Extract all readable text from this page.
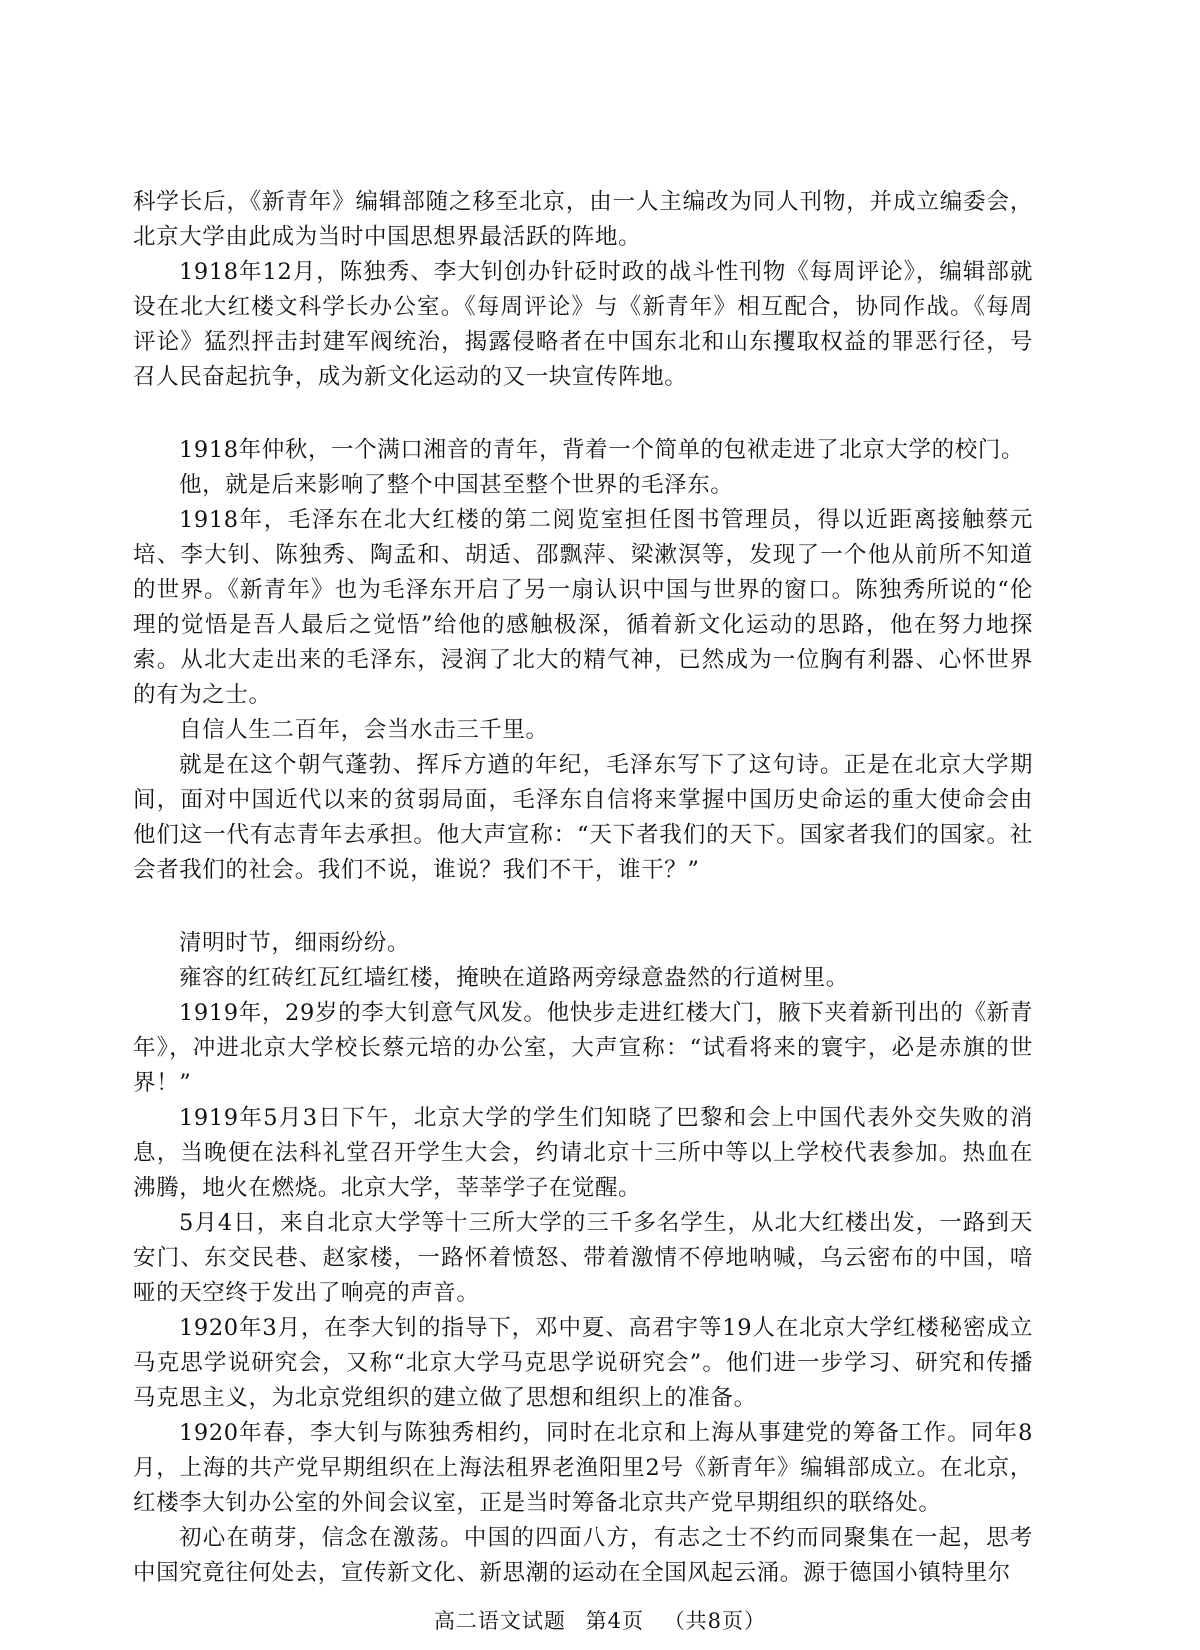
科学长后，《新青年》编辑部随之移至北京，由一人主编改为同人刊物，并成立编委会，北京大学由此成为当时中国思想界最活跃的阵地。

1918年12月，陈独秀、李大钊创办针砭时政的战斗性刊物《每周评论》，编辑部就设在北大红楼文科学长办公室。《每周评论》与《新青年》相互配合，协同作战。《每周评论》猛烈抨击封建军阀统治，揭露侵略者在中国东北和山东攫取权益的罪恶行径，号召人民奋起抗争，成为新文化运动的又一块宣传阵地。

1918年仲秋，一个满口湘音的青年，背着一个简单的包袱走进了北京大学的校门。

他，就是后来影响了整个中国甚至整个世界的毛泽东。

1918年，毛泽东在北大红楼的第二阅览室担任图书管理员，得以近距离接触蔡元培、李大钊、陈独秀、陶孟和、胡适、邵飘萍、梁漱溟等，发现了一个他从前所不知道的世界。《新青年》也为毛泽东开启了另一扇认识中国与世界的窗口。陈独秀所说的“伦理的觉悟是吾人最后之觉悟”给他的感触极深，循着新文化运动的思路，他在努力地探索。从北大走出来的毛泽东，浸润了北大的精气神，已然成为一位胸有利器、心怀世界的有为之士。

自信人生二百年，会当水击三千里。

就是在这个朝气蓬勃、挥斥方遒的年纪，毛泽东写下了这句诗。正是在北京大学期间，面对中国近代以来的贫弱局面，毛泽东自信将来掌握中国历史命运的重大使命会由他们这一代有志青年去承担。他大声宣称：“天下者我们的天下。国家者我们的国家。社会者我们的社会。我们不说，谁说？我们不干，谁干？”

清明时节，细雨纷纷。

雍容的红砖红瓦红墙红楼，掩映在道路两旁绿意盎然的行道树里。

1919年，29岁的李大钊意气风发。他快步走进红楼大门，腋下夹着新刊出的《新青年》，冲进北京大学校长蔡元培的办公室，大声宣称：“试看将来的寰宇，必是赤旗的世界！”

1919年5月3日下午，北京大学的学生们知晓了巴黎和会上中国代表外交失败的消息，当晚便在法科礼堂召开学生大会，约请北京十三所中等以上学校代表参加。热血在沸腾，地火在燃烧。北京大学，莘莘学子在觉醒。

5月4日，来自北京大学等十三所大学的三千多名学生，从北大红楼出发，一路到天安门、东交民巷、赵家楼，一路怀着愤怒、带着激情不停地呐喊，乌云密布的中国，喑哑的天空终于发出了响亮的声音。

1920年3月，在李大钊的指导下，邓中夏、高君宇等19人在北京大学红楼秘密成立马克思学说研究会，又称“北京大学马克思学说研究会”。他们进一步学习、研究和传播马克思主义，为北京党组织的建立做了思想和组织上的准备。

1920年春，李大钊与陈独秀相约，同时在北京和上海从事建党的筹备工作。同年8月，上海的共产党早期组织在上海法租界老渔阳里2号《新青年》编辑部成立。在北京，红楼李大钊办公室的外间会议室，正是当时筹备北京共产党早期组织的联络处。

初心在萌芽，信念在激荡。中国的四面八方，有志之士不约而同聚集在一起，思考中国究竟往何处去，宣传新文化、新思潮的运动在全国风起云涌。源于德国小镇特里尔

高二语文试题 第4页 （共8页）
